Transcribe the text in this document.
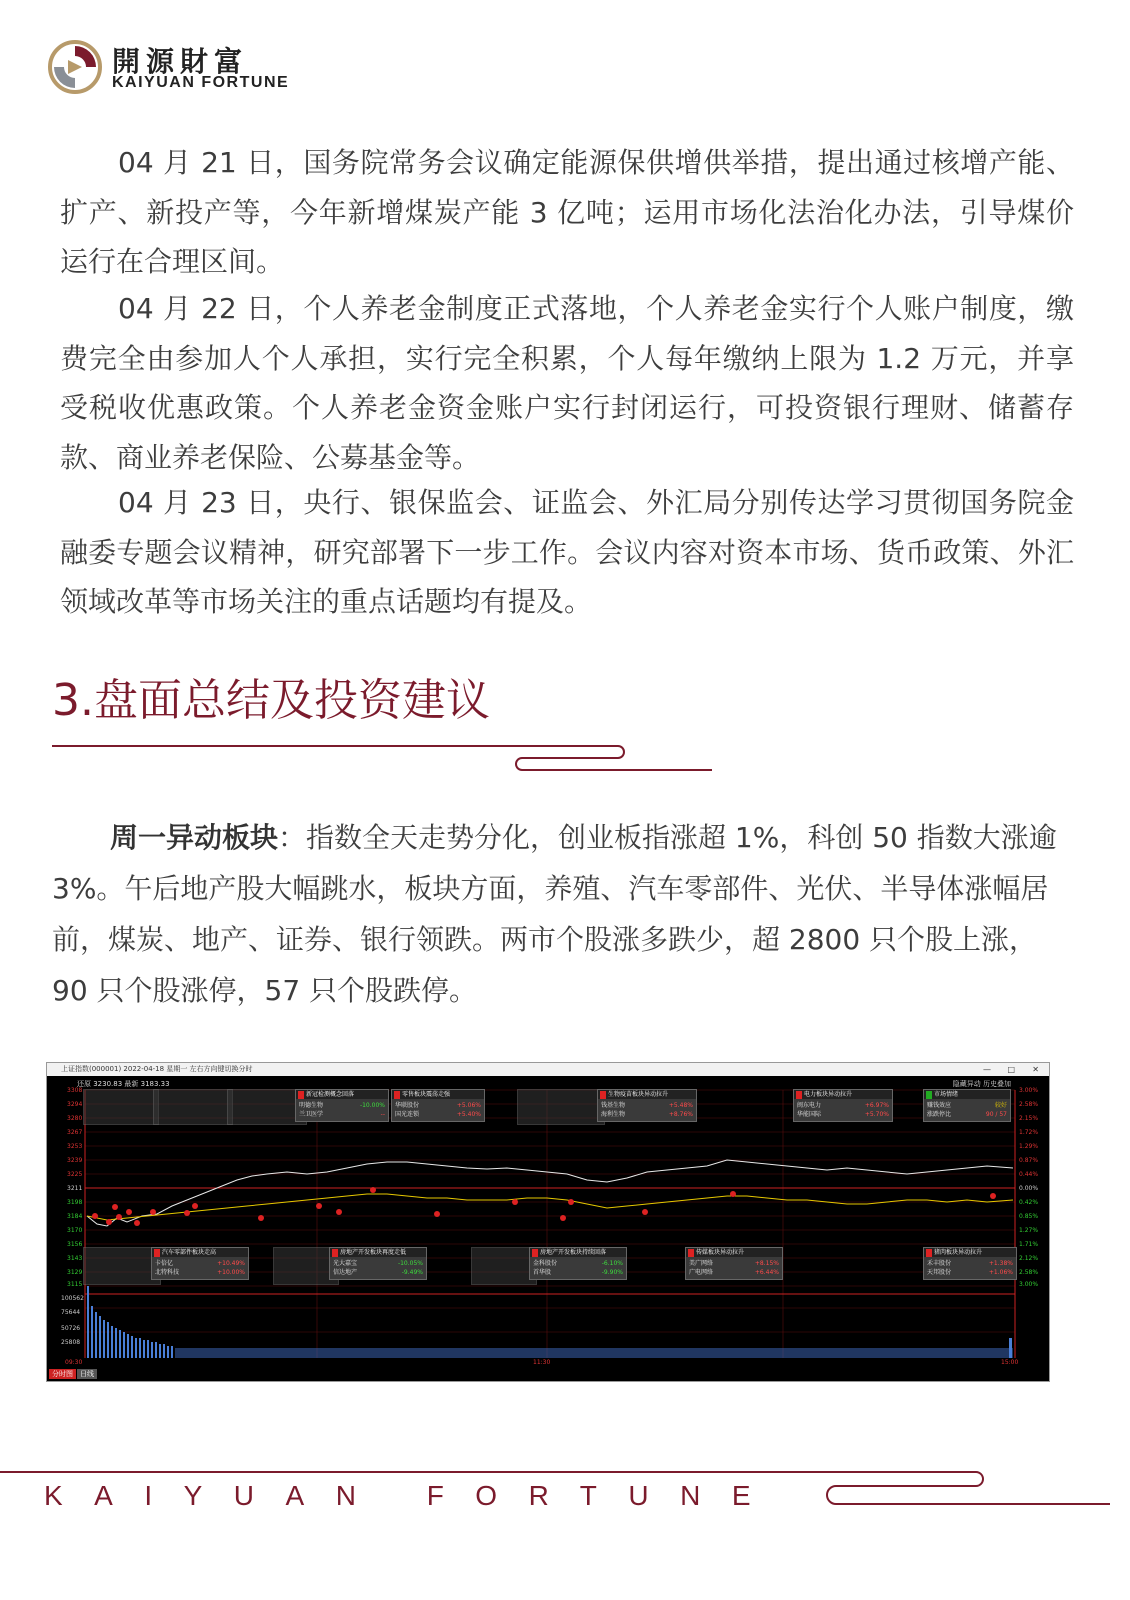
開源財富
KAIYUAN FORTUNE

04 月 21 日，国务院常务会议确定能源保供增供举措，提出通过核增产能、扩产、新投产等，今年新增煤炭产能 3 亿吨；运用市场化法治化办法，引导煤价运行在合理区间。

04 月 22 日，个人养老金制度正式落地，个人养老金实行个人账户制度，缴费完全由参加人个人承担，实行完全积累，个人每年缴纳上限为 1.2 万元，并享受税收优惠政策。个人养老金资金账户实行封闭运行，可投资银行理财、储蓄存款、商业养老保险、公募基金等。

04 月 23 日，央行、银保监会、证监会、外汇局分别传达学习贯彻国务院金融委专题会议精神，研究部署下一步工作。会议内容对资本市场、货币政策、外汇领域改革等市场关注的重点话题均有提及。

3.盘面总结及投资建议

周一异动板块：指数全天走势分化，创业板指涨超 1%，科创 50 指数大涨逾 3%。午后地产股大幅跳水，板块方面，养殖、汽车零部件、光伏、半导体涨幅居前，煤炭、地产、证券、银行领跌。两市个股涨多跌少，超 2800 只个股上涨，90 只个股涨停，57 只个股跌停。

上证指数(000001) 2022-04-18 星期一 左右方向键切换分时	— □ ✕
还原 3230.83 最新 3183.33	隐藏异动 历史叠加
3308
3294
3280
3267
3253
3239
3225
3211
3198
3184
3170
3156
3143
3129
3115
3.00%
2.58%
2.15%
1.72%
1.29%
0.87%
0.44%
0.00%
0.42%
0.85%
1.27%
1.71%
2.12%
2.58%
3.00%
100562
75644
50726
25808
09:30	11:30	15:00
分时图	日线
新冠检测概念回落
明德生物	-10.00%
兰卫医学	--
零售板块震荡走强
华联股份	+5.06%
国光连锁	+5.40%
生物疫苗板块异动拉升
钱基生物	+5.48%
海利生物	+8.76%
电力板块异动拉升
闽东电力	+6.97%
华能国际	+5.70%
市场情绪
赚钱效应	较好
涨跌停比	90 / 57
汽车零部件板块走高
卡倍亿	+10.49%
北特科技	+10.00%
房地产开发板块再度走低
光大嘉宝	-10.05%
信达地产	-9.49%
房地产开发板块持续回落
金科股份	-6.10%
首华股	-9.90%
传媒板块异动拉升
美广网络	+8.15%
广电网络	+6.44%
猪肉板块异动拉升
禾丰股份	+1.38%
天邦股份	+1.06%
KAIYUAN FORTUNE
